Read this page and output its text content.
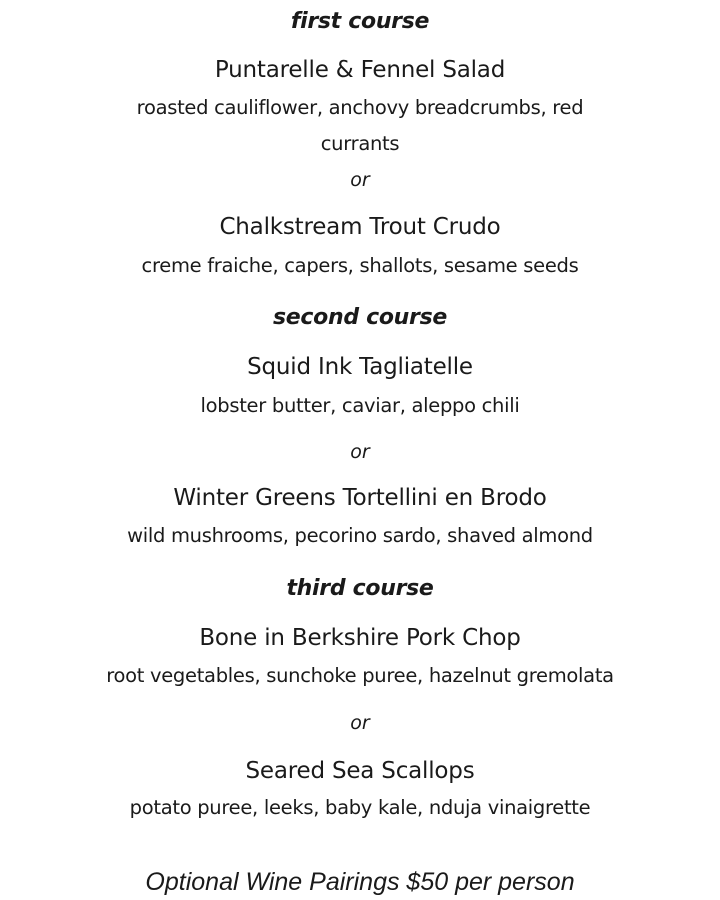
first course
Puntarelle & Fennel Salad
roasted cauliflower, anchovy breadcrumbs, red
currants
or
Chalkstream Trout Crudo
creme fraiche, capers, shallots, sesame seeds
second course
Squid Ink Tagliatelle
lobster butter, caviar, aleppo chili
or
Winter Greens Tortellini en Brodo
wild mushrooms, pecorino sardo, shaved almond
third course
Bone in Berkshire Pork Chop
root vegetables, sunchoke puree, hazelnut gremolata
or
Seared Sea Scallops
potato puree, leeks, baby kale, nduja vinaigrette
Optional Wine Pairings $50 per person
